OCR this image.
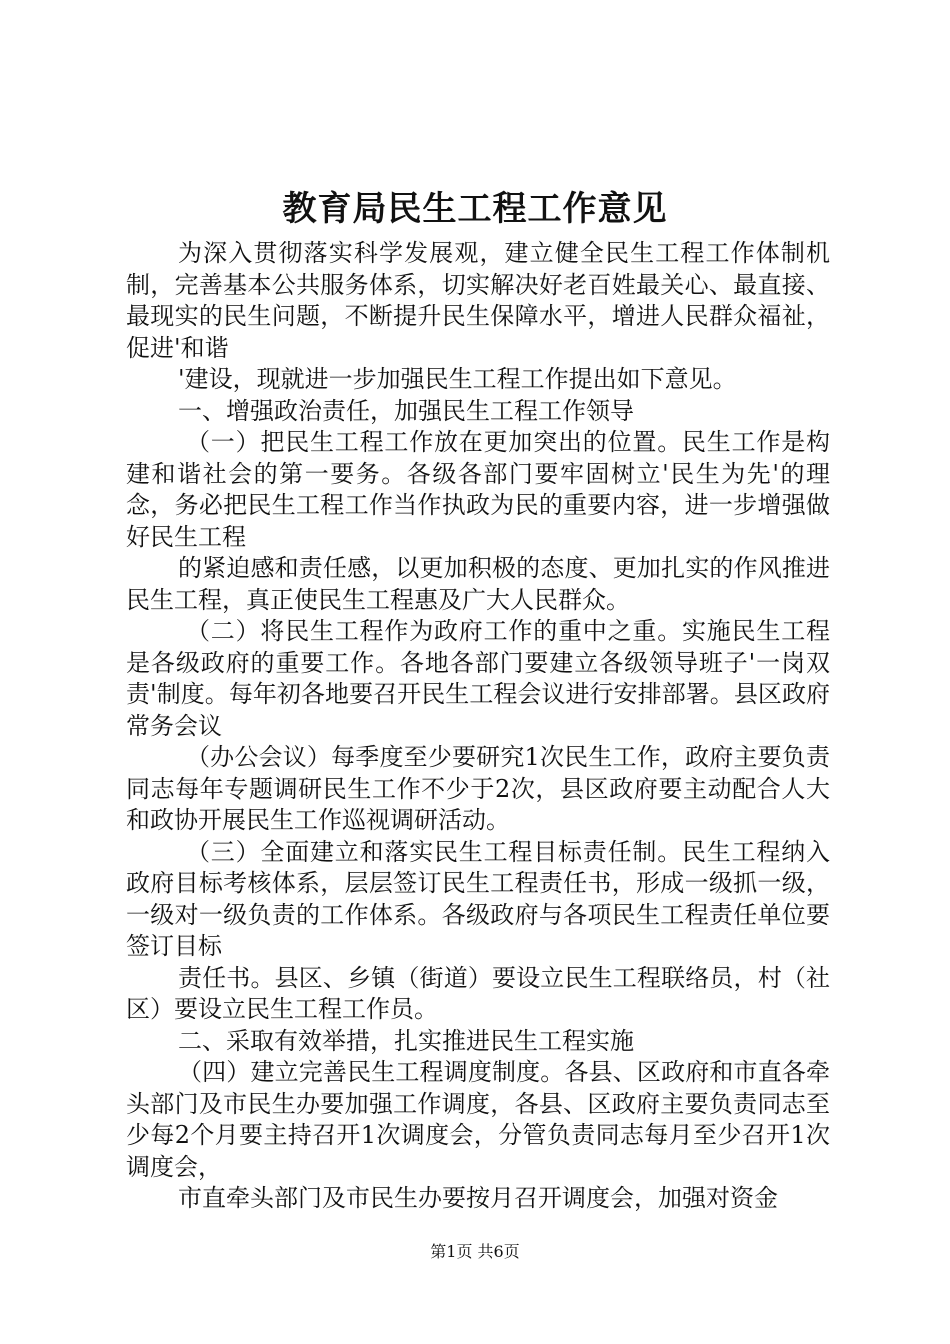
教育局民生工程工作意见

为深入贯彻落实科学发展观，建立健全民生工程工作体制机制，完善基本公共服务体系，切实解决好老百姓最关心、最直接、最现实的民生问题，不断提升民生保障水平，增进人民群众福祉，促进'和谐

'建设，现就进一步加强民生工程工作提出如下意见。

一、增强政治责任，加强民生工程工作领导

（一）把民生工程工作放在更加突出的位置。民生工作是构建和谐社会的第一要务。各级各部门要牢固树立'民生为先'的理念，务必把民生工程工作当作执政为民的重要内容，进一步增强做好民生工程

的紧迫感和责任感，以更加积极的态度、更加扎实的作风推进民生工程，真正使民生工程惠及广大人民群众。

（二）将民生工程作为政府工作的重中之重。实施民生工程是各级政府的重要工作。各地各部门要建立各级领导班子'一岗双责'制度。每年初各地要召开民生工程会议进行安排部署。县区政府常务会议

（办公会议）每季度至少要研究1次民生工作，政府主要负责同志每年专题调研民生工作不少于2次，县区政府要主动配合人大和政协开展民生工作巡视调研活动。

（三）全面建立和落实民生工程目标责任制。民生工程纳入政府目标考核体系，层层签订民生工程责任书，形成一级抓一级，一级对一级负责的工作体系。各级政府与各项民生工程责任单位要签订目标

责任书。县区、乡镇（街道）要设立民生工程联络员，村（社区）要设立民生工程工作员。

二、采取有效举措，扎实推进民生工程实施

（四）建立完善民生工程调度制度。各县、区政府和市直各牵头部门及市民生办要加强工作调度，各县、区政府主要负责同志至少每2个月要主持召开1次调度会，分管负责同志每月至少召开1次调度会，

市直牵头部门及市民生办要按月召开调度会，加强对资金

第1页 共6页
